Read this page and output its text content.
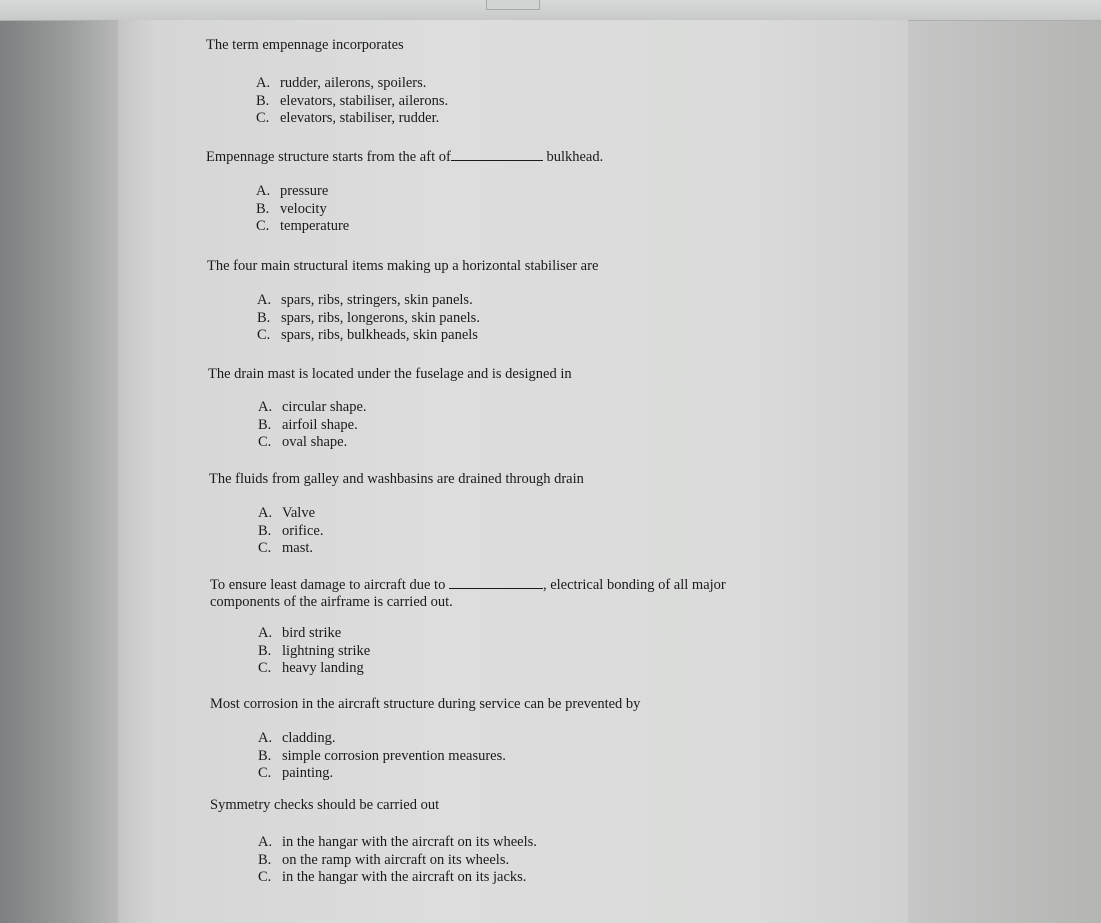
The term empennage incorporates
A. rudder, ailerons, spoilers.
B. elevators, stabiliser, ailerons.
C. elevators, stabiliser, rudder.
Empennage structure starts from the aft of	bulkhead.
A. pressure
B. velocity
C. temperature
The four main structural items making up a horizontal stabiliser are
A. spars, ribs, stringers, skin panels.
B. spars, ribs, longerons, skin panels.
C. spars, ribs, bulkheads, skin panels
The drain mast is located under the fuselage and is designed in
A. circular shape.
B. airfoil shape.
C. oval shape.
The fluids from galley and washbasins are drained through drain
A. Valve
B. orifice.
C. mast.
To ensure least damage to aircraft due to	, electrical bonding of all major
components of the airframe is carried out.
A. bird strike
B. lightning strike
C. heavy landing
Most corrosion in the aircraft structure during service can be prevented by
A. cladding.
B. simple corrosion prevention measures.
C. painting.
Symmetry checks should be carried out
A. in the hangar with the aircraft on its wheels.
B. on the ramp with aircraft on its wheels.
C. in the hangar with the aircraft on its jacks.
